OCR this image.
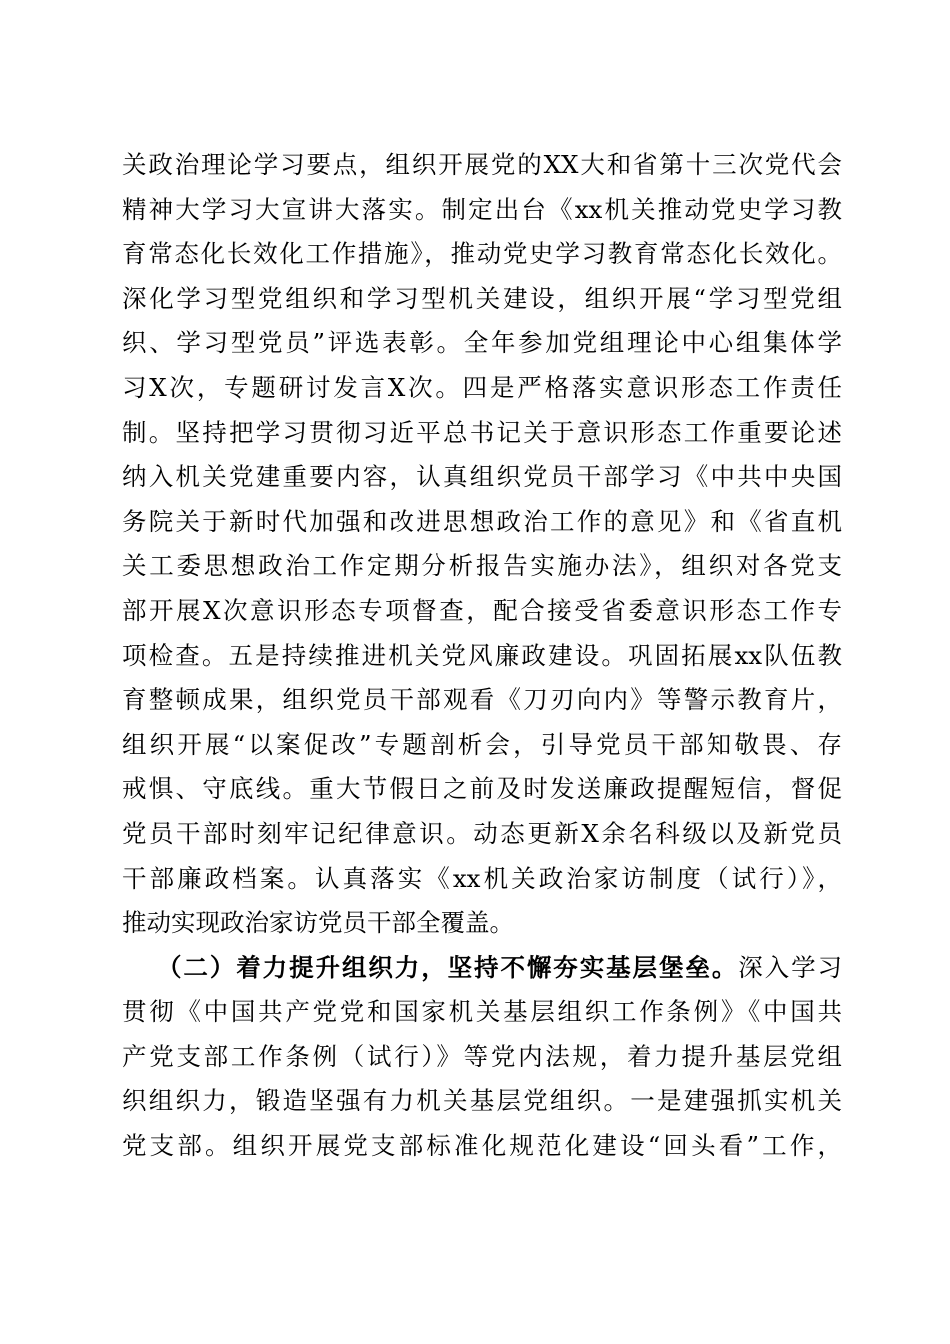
关政治理论学习要点，组织开展党的XX大和省第十三次党代会
精神大学习大宣讲大落实。制定出台《xx机关推动党史学习教
育常态化长效化工作措施》，推动党史学习教育常态化长效化。
深化学习型党组织和学习型机关建设，组织开展“学习型党组
织、学习型党员”评选表彰。全年参加党组理论中心组集体学
习X次，专题研讨发言X次。四是严格落实意识形态工作责任
制。坚持把学习贯彻习近平总书记关于意识形态工作重要论述
纳入机关党建重要内容，认真组织党员干部学习《中共中央国
务院关于新时代加强和改进思想政治工作的意见》和《省直机
关工委思想政治工作定期分析报告实施办法》，组织对各党支
部开展X次意识形态专项督查，配合接受省委意识形态工作专
项检查。五是持续推进机关党风廉政建设。巩固拓展xx队伍教
育整顿成果，组织党员干部观看《刀刃向内》等警示教育片，
组织开展“以案促改”专题剖析会，引导党员干部知敬畏、存
戒惧、守底线。重大节假日之前及时发送廉政提醒短信，督促
党员干部时刻牢记纪律意识。动态更新X余名科级以及新党员
干部廉政档案。认真落实《xx机关政治家访制度（试行）》，
推动实现政治家访党员干部全覆盖。
（二）着力提升组织力，坚持不懈夯实基层堡垒。深入学习
贯彻《中国共产党党和国家机关基层组织工作条例》《中国共
产党支部工作条例（试行）》等党内法规，着力提升基层党组
织组织力，锻造坚强有力机关基层党组织。一是建强抓实机关
党支部。组织开展党支部标准化规范化建设“回头看”工作，
